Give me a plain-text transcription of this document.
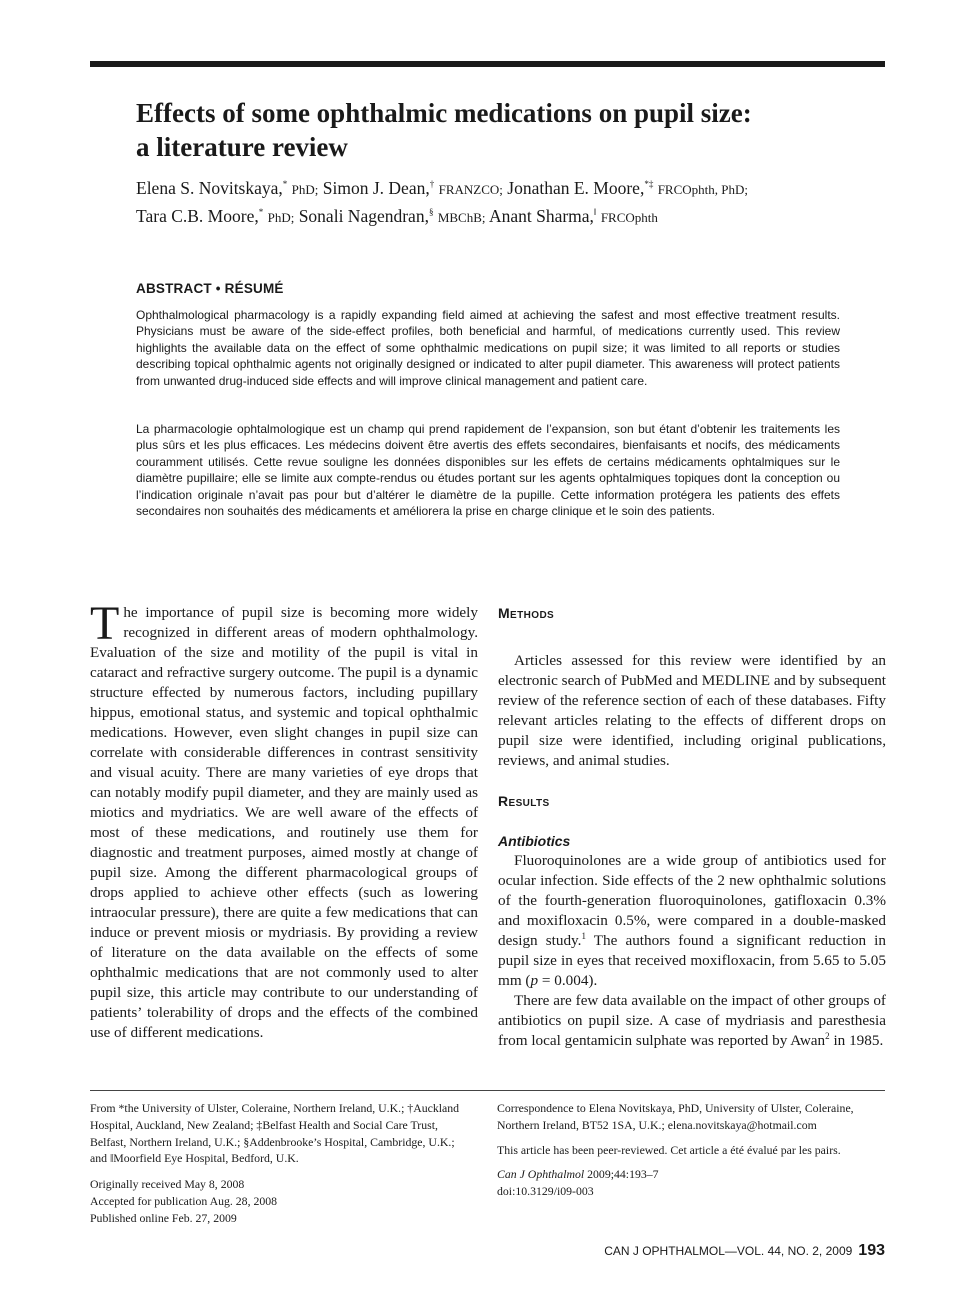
Effects of some ophthalmic medications on pupil size:
a literature review
Elena S. Novitskaya,* PhD; Simon J. Dean,† FRANZCO; Jonathan E. Moore,*‡ FRCOphth, PhD;
Tara C.B. Moore,* PhD; Sonali Nagendran,§ MBChB; Anant Sharma,‖ FRCOphth
ABSTRACT • RÉSUMÉ

Ophthalmological pharmacology is a rapidly expanding field aimed at achieving the safest and most effective treatment results. Physicians must be aware of the side-effect profiles, both beneficial and harmful, of medications currently used. This review highlights the available data on the effect of some ophthalmic medications on pupil size; it was limited to all reports or studies describing topical ophthalmic agents not originally designed or indicated to alter pupil diameter. This awareness will protect patients from unwanted drug-induced side effects and will improve clinical management and patient care.

La pharmacologie ophtalmologique est un champ qui prend rapidement de l’expansion, son but étant d’obtenir les traitements les plus sûrs et les plus efficaces. Les médecins doivent être avertis des effets secondaires, bienfaisants et nocifs, des médicaments couramment utilisés. Cette revue souligne les données disponibles sur les effets de certains médicaments ophtalmiques sur le diamètre pupillaire; elle se limite aux compte-rendus ou études portant sur les agents ophtalmiques topiques dont la conception ou l’indication originale n’avait pas pour but d’altérer le diamètre de la pupille. Cette information protégera les patients des effets secondaires non souhaités des médicaments et améliorera la prise en charge clinique et le soin des patients.

The importance of pupil size is becoming more widely recognized in different areas of modern ophthalmology. Evaluation of the size and motility of the pupil is vital in cataract and refractive surgery outcome. The pupil is a dynamic structure effected by numerous factors, including pupillary hippus, emotional status, and systemic and topical ophthalmic medications. However, even slight changes in pupil size can correlate with considerable differences in contrast sensitivity and visual acuity. There are many varieties of eye drops that can notably modify pupil diameter, and they are mainly used as miotics and mydriatics. We are well aware of the effects of most of these medications, and routinely use them for diagnostic and treatment purposes, aimed mostly at change of pupil size. Among the different pharmacological groups of drops applied to achieve other effects (such as lowering intraocular pressure), there are quite a few medications that can induce or prevent miosis or mydriasis. By providing a review of literature on the data available on the effects of some ophthalmic medications that are not commonly used to alter pupil size, this article may contribute to our understanding of patients’ tolerability of drops and the effects of the combined use of different medications.

Methods

Articles assessed for this review were identified by an electronic search of PubMed and MEDLINE and by subsequent review of the reference section of each of these databases. Fifty relevant articles relating to the effects of different drops on pupil size were identified, including original publications, reviews, and animal studies.

Results

Antibiotics

Fluoroquinolones are a wide group of antibiotics used for ocular infection. Side effects of the 2 new ophthalmic solutions of the fourth-generation fluoroquinolones, gatifloxacin 0.3% and moxifloxacin 0.5%, were compared in a double-masked design study.$^1$ The authors found a significant reduction in pupil size in eyes that received moxifloxacin, from 5.65 to 5.05 mm (p = 0.004).

There are few data available on the impact of other groups of antibiotics on pupil size. A case of mydriasis and paresthesia from local gentamicin sulphate was reported by Awan$^2$ in 1985.

From *the University of Ulster, Coleraine, Northern Ireland, U.K.; †Auckland Hospital, Auckland, New Zealand; ‡Belfast Health and Social Care Trust, Belfast, Northern Ireland, U.K.; §Addenbrooke’s Hospital, Cambridge, U.K.; and ‖Moorfield Eye Hospital, Bedford, U.K.

Originally received May 8, 2008

Accepted for publication Aug. 28, 2008

Published online Feb. 27, 2009

Correspondence to Elena Novitskaya, PhD, University of Ulster, Coleraine, Northern Ireland, BT52 1SA, U.K.; elena.novitskaya@hotmail.com

This article has been peer-reviewed. Cet article a été évalué par les pairs.

Can J Ophthalmol 2009;44:193–7

doi:10.3129/i09-003

CAN J OPHTHALMOL—VOL. 44, NO. 2, 2009 193
